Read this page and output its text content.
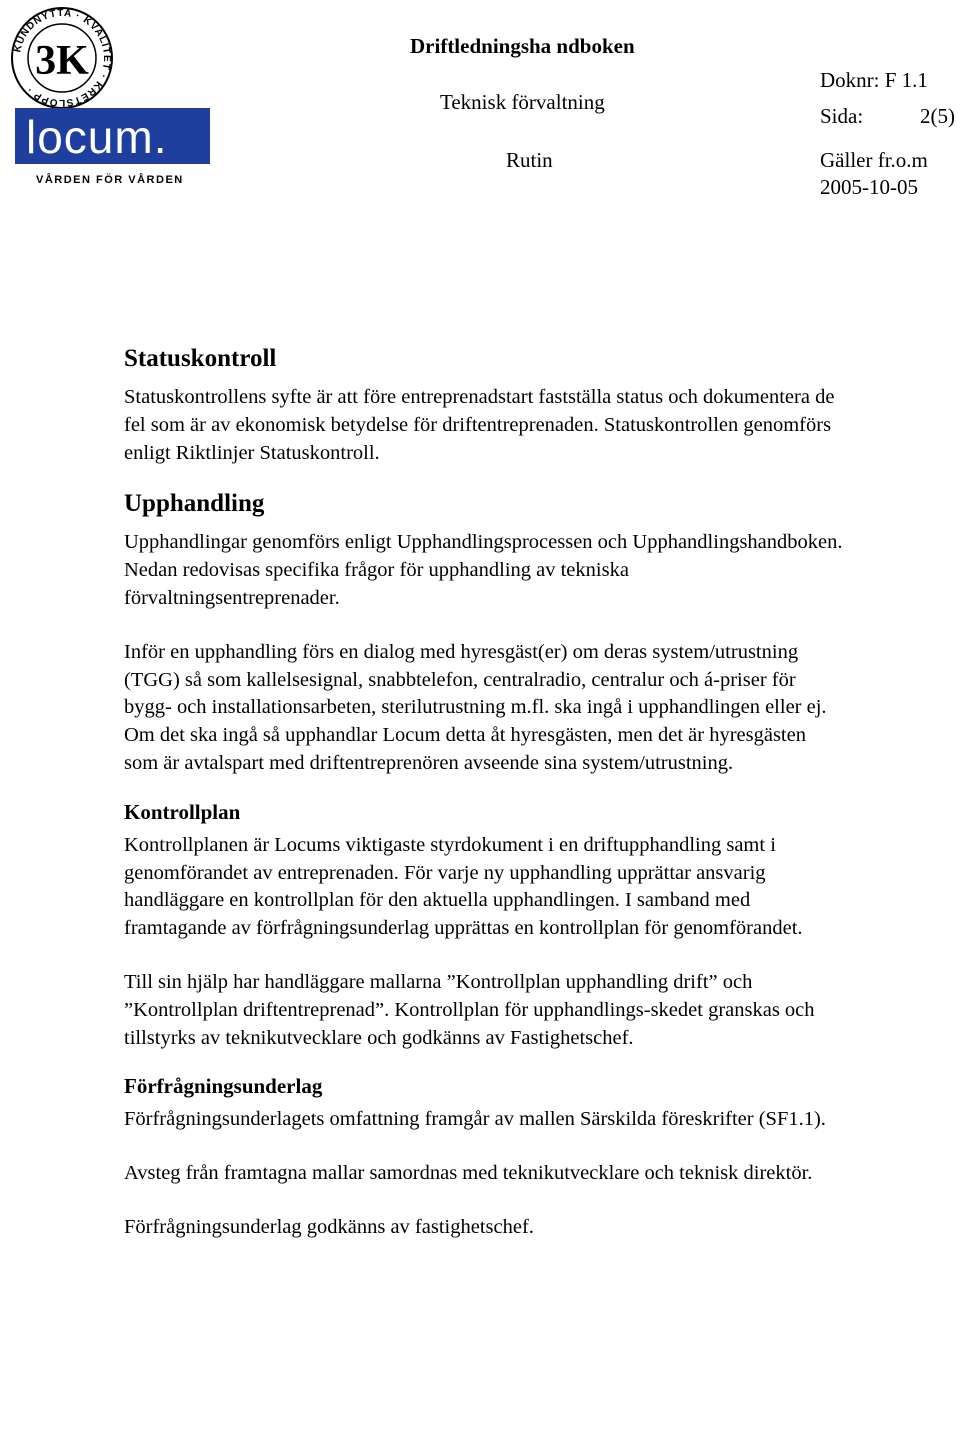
KUNDNYTTA · KVALITET · KRETSLOPP ·
3K
locum.
VÅRDEN FÖR VÅRDEN
Driftledningsha ndboken
Teknisk förvaltning
Rutin
Doknr: F 1.1
Sida:	2(5)
Gäller fr.o.m
2005-10-05
Statuskontroll

Statuskontrollens syfte är att före entreprenadstart fastställa status och dokumentera de fel som är av ekonomisk betydelse för driftentreprenaden. Statuskontrollen genomförs enligt Riktlinjer Statuskontroll.

Upphandling

Upphandlingar genomförs enligt Upphandlingsprocessen och Upphandlingshandboken. Nedan redovisas specifika frågor för upphandling av tekniska förvaltningsentreprenader.

Inför en upphandling förs en dialog med hyresgäst(er) om deras system/utrustning (TGG) så som kallelsesignal, snabbtelefon, centralradio, centralur och á-priser för bygg- och installationsarbeten, sterilutrustning m.fl. ska ingå i upphandlingen eller ej. Om det ska ingå så upphandlar Locum detta åt hyresgästen, men det är hyresgästen som är avtalspart med driftentreprenören avseende sina system/utrustning.

Kontrollplan

Kontrollplanen är Locums viktigaste styrdokument i en driftupphandling samt i genomförandet av entreprenaden. För varje ny upphandling upprättar ansvarig handläggare en kontrollplan för den aktuella upphandlingen. I samband med framtagande av förfrågningsunderlag upprättas en kontrollplan för genomförandet.

Till sin hjälp har handläggare mallarna ”Kontrollplan upphandling drift” och ”Kontrollplan driftentreprenad”. Kontrollplan för upphandlings-skedet granskas och tillstyrks av teknikutvecklare och godkänns av Fastighetschef.

Förfrågningsunderlag

Förfrågningsunderlagets omfattning framgår av mallen Särskilda föreskrifter (SF1.1).

Avsteg från framtagna mallar samordnas med teknikutvecklare och teknisk direktör.

Förfrågningsunderlag godkänns av fastighetschef.
